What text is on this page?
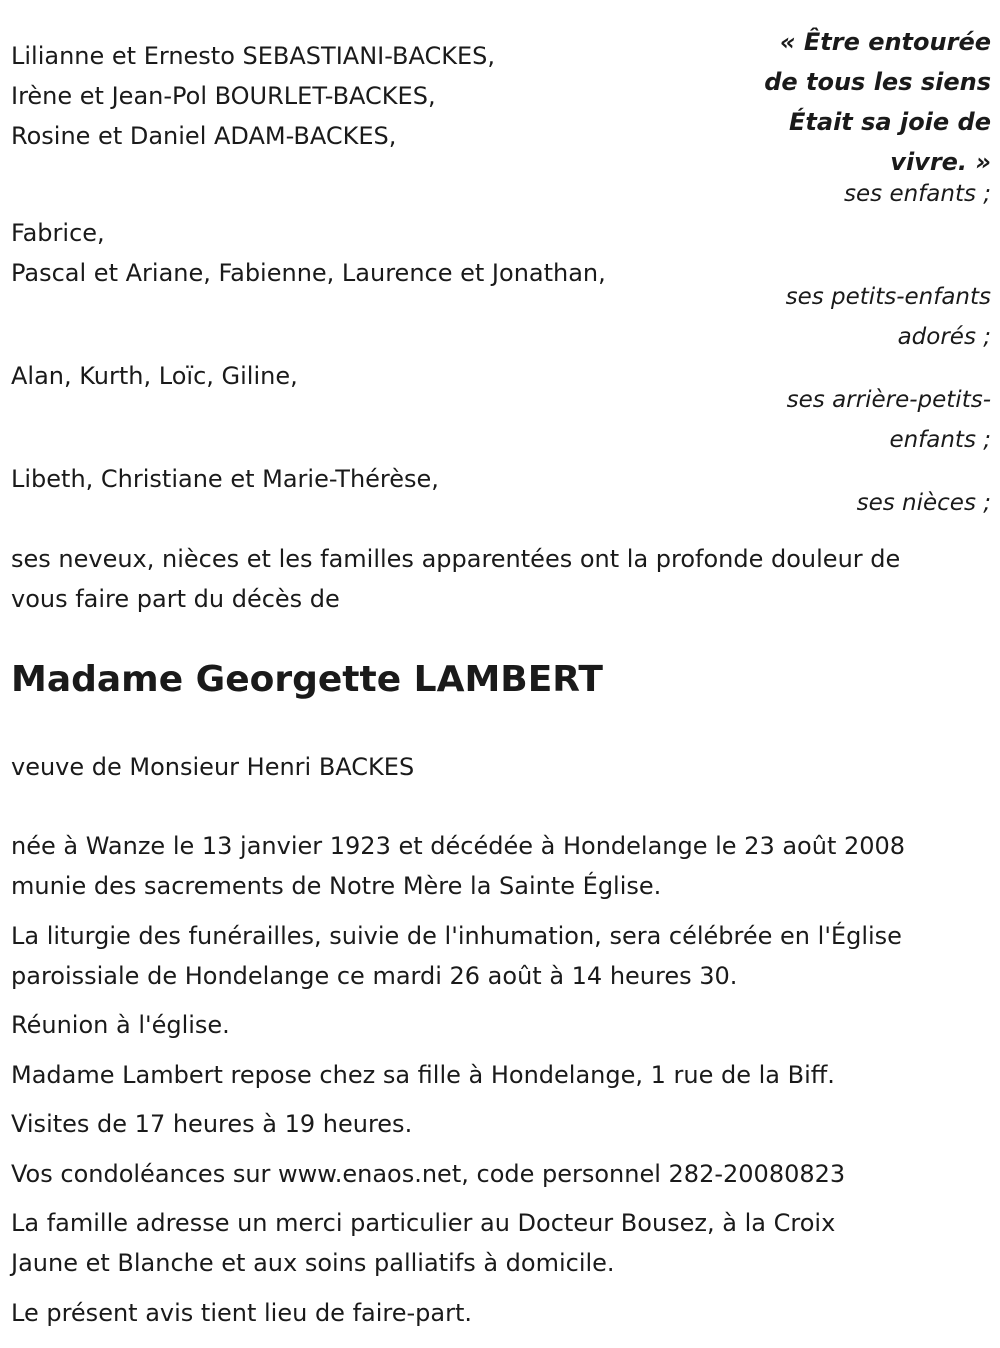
« Être entourée
de tous les siens
Était sa joie de
vivre. »
Lilianne et Ernesto SEBASTIANI-BACKES,
Irène et Jean-Pol BOURLET-BACKES,
Rosine et Daniel ADAM-BACKES,
ses enfants ;
Fabrice,
Pascal et Ariane, Fabienne, Laurence et Jonathan,
ses petits-enfants
adorés ;
Alan, Kurth, Loïc, Giline,
ses arrière-petits-
enfants ;
Libeth, Christiane et Marie-Thérèse,
ses nièces ;
ses neveux, nièces et les familles apparentées ont la profonde douleur de
vous faire part du décès de
Madame Georgette LAMBERT
veuve de Monsieur Henri BACKES
née à Wanze le 13 janvier 1923 et décédée à Hondelange le 23 août 2008
munie des sacrements de Notre Mère la Sainte Église.
La liturgie des funérailles, suivie de l'inhumation, sera célébrée en l'Église
paroissiale de Hondelange ce mardi 26 août à 14 heures 30.
Réunion à l'église.
Madame Lambert repose chez sa fille à Hondelange, 1 rue de la Biff.
Visites de 17 heures à 19 heures.
Vos condoléances sur www.enaos.net, code personnel 282-20080823
La famille adresse un merci particulier au Docteur Bousez, à la Croix
Jaune et Blanche et aux soins palliatifs à domicile.
Le présent avis tient lieu de faire-part.
